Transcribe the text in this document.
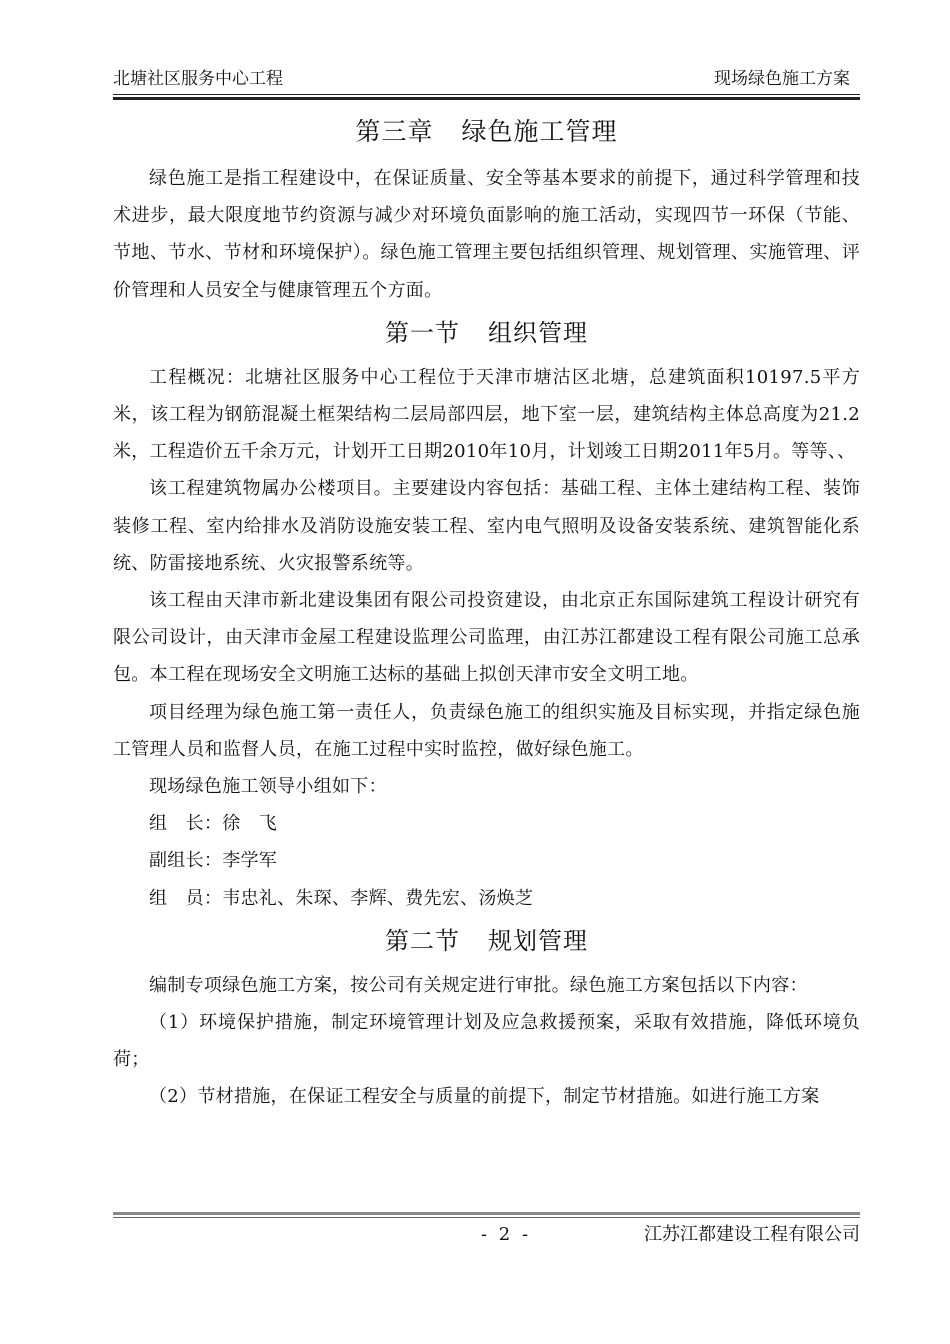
北塘社区服务中心工程	现场绿色施工方案
第三章 绿色施工管理

绿色施工是指工程建设中，在保证质量、安全等基本要求的前提下，通过科学管理和技术进步，最大限度地节约资源与减少对环境负面影响的施工活动，实现四节一环保（节能、节地、节水、节材和环境保护）。绿色施工管理主要包括组织管理、规划管理、实施管理、评价管理和人员安全与健康管理五个方面。

第一节 组织管理

工程概况：北塘社区服务中心工程位于天津市塘沽区北塘，总建筑面积10197.5平方米，该工程为钢筋混凝土框架结构二层局部四层，地下室一层，建筑结构主体总高度为21.2米，工程造价五千余万元，计划开工日期2010年10月，计划竣工日期2011年5月。等等、、

该工程建筑物属办公楼项目。主要建设内容包括：基础工程、主体土建结构工程、装饰装修工程、室内给排水及消防设施安装工程、室内电气照明及设备安装系统、建筑智能化系统、防雷接地系统、火灾报警系统等。

该工程由天津市新北建设集团有限公司投资建设，由北京正东国际建筑工程设计研究有限公司设计，由天津市金屋工程建设监理公司监理，由江苏江都建设工程有限公司施工总承包。本工程在现场安全文明施工达标的基础上拟创天津市安全文明工地。

项目经理为绿色施工第一责任人，负责绿色施工的组织实施及目标实现，并指定绿色施工管理人员和监督人员，在施工过程中实时监控，做好绿色施工。

现场绿色施工领导小组如下：

组　长：徐　飞

副组长：李学军

组　员：韦忠礼、朱琛、李辉、费先宏、汤焕芝

第二节 规划管理

编制专项绿色施工方案，按公司有关规定进行审批。绿色施工方案包括以下内容：

（1）环境保护措施，制定环境管理计划及应急救援预案，采取有效措施，降低环境负荷；

（2）节材措施，在保证工程安全与质量的前提下，制定节材措施。如进行施工方案

- 2 -	江苏江都建设工程有限公司
